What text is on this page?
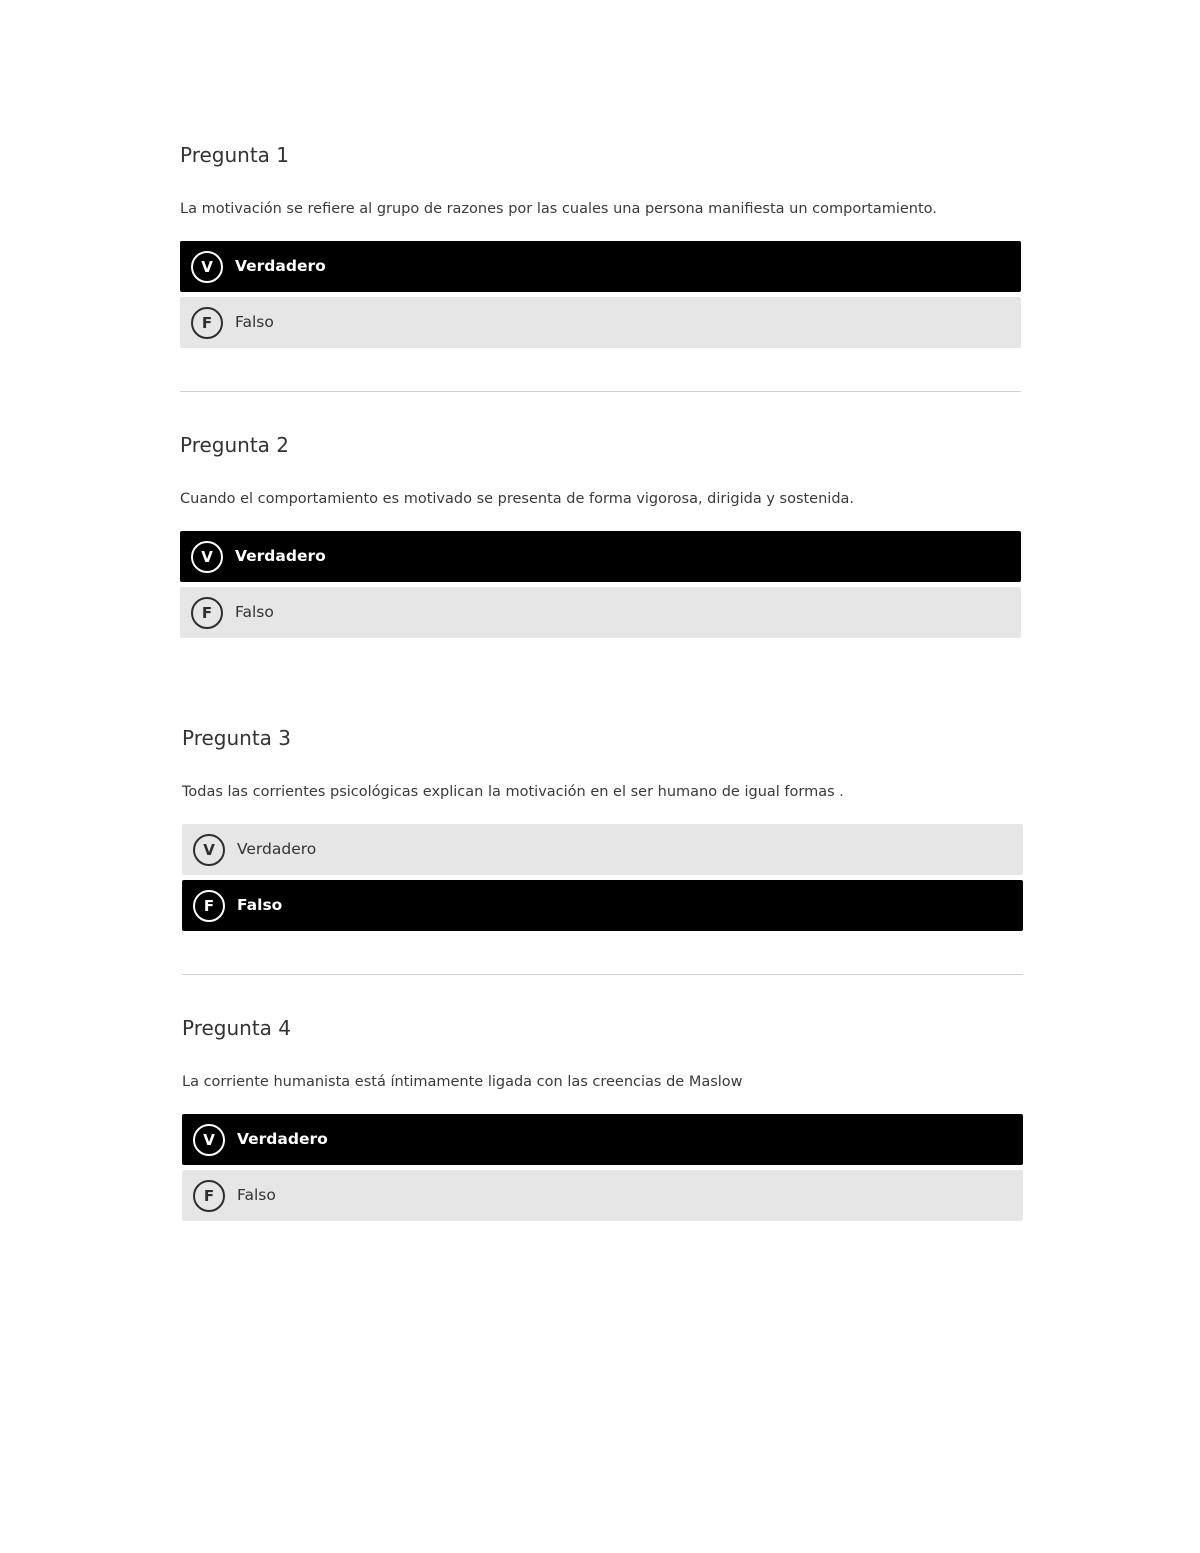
Pregunta 1
La motivación se refiere al grupo de razones por las cuales una persona manifiesta un comportamiento.
V	Verdadero
F	Falso
Pregunta 2
Cuando el comportamiento es motivado se presenta de forma vigorosa, dirigida y sostenida.
V	Verdadero
F	Falso
Pregunta 3
Todas las corrientes psicológicas explican la motivación en el ser humano de igual formas .
V	Verdadero
F	Falso
Pregunta 4
La corriente humanista está íntimamente ligada con las creencias de Maslow
V	Verdadero
F	Falso
